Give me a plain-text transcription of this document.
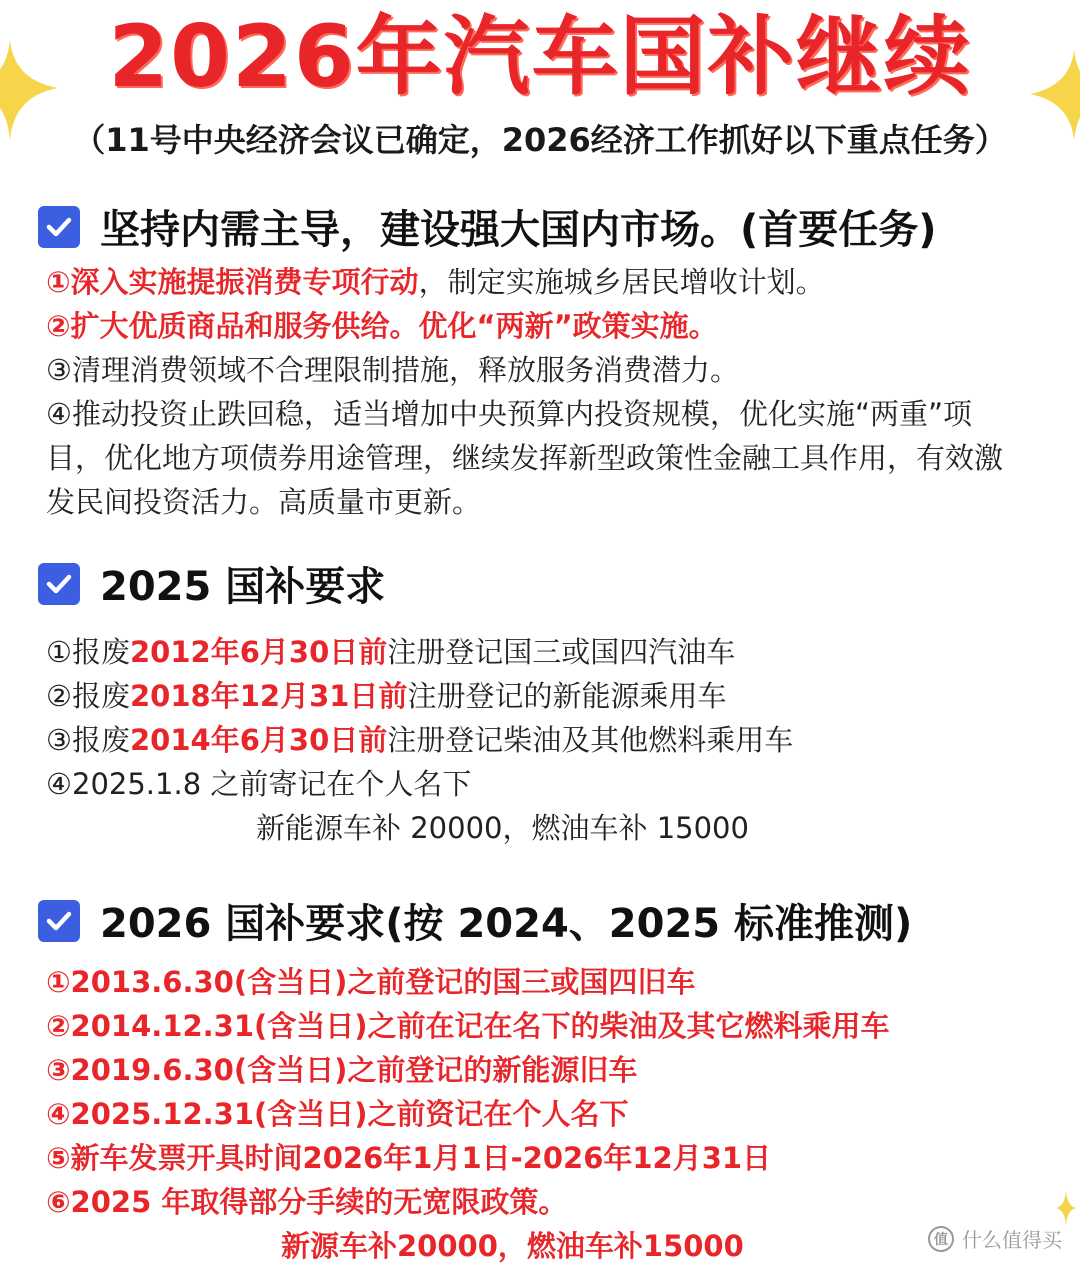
2026年汽车国补继续
（11号中央经济会议已确定，2026经济工作抓好以下重点任务）
坚持内需主导，建设强大国内市场。(首要任务)
①深入实施提振消费专项行动，制定实施城乡居民增收计划。
②扩大优质商品和服务供给。优化“两新”政策实施。
③清理消费领域不合理限制措施，释放服务消费潜力。
④推动投资止跌回稳，适当增加中央预算内投资规模，优化实施“两重”项
目，优化地方项债券用途管理，继续发挥新型政策性金融工具作用，有效激
发民间投资活力。高质量市更新。
2025 国补要求
①报废2012年6月30日前注册登记国三或国四汽油车
②报废2018年12月31日前注册登记的新能源乘用车
③报废2014年6月30日前注册登记柴油及其他燃料乘用车
④2025.1.8 之前寄记在个人名下
新能源车补 20000，燃油车补 15000
2026 国补要求(按 2024、2025 标准推测)
①2013.6.30(含当日)之前登记的国三或国四旧车
②2014.12.31(含当日)之前在记在名下的柴油及其它燃料乘用车
③2019.6.30(含当日)之前登记的新能源旧车
④2025.12.31(含当日)之前资记在个人名下
⑤新车发票开具时间2026年1月1日-2026年12月31日
⑥2025 年取得部分手续的无宽限政策。
新源车补20000，燃油车补15000	值 什么值得买
